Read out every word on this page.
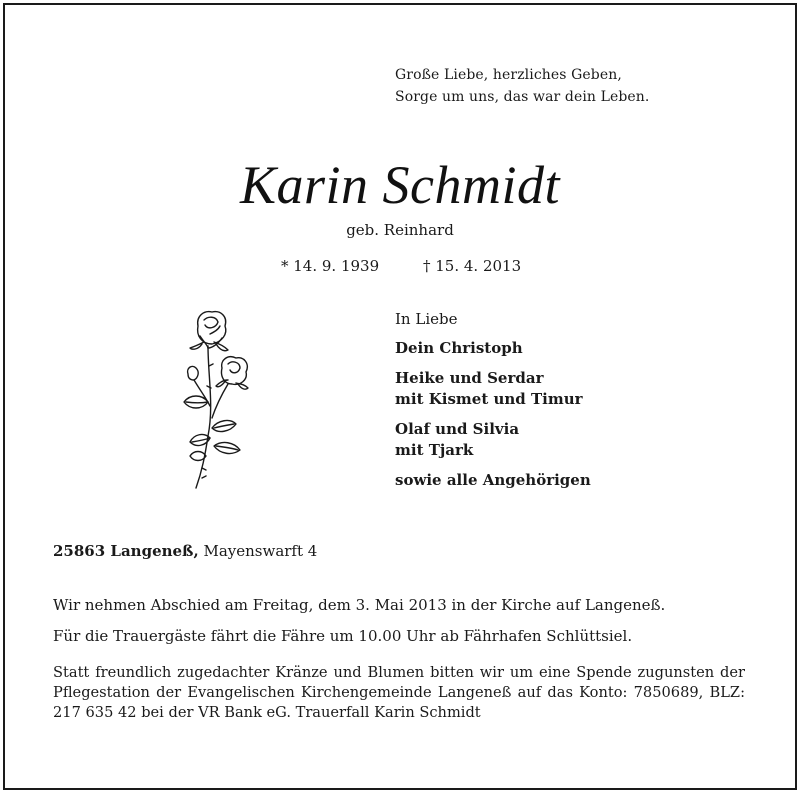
Große Liebe, herzliches Geben,
Sorge um uns, das war dein Leben.
Karin Schmidt
geb. Reinhard
* 14. 9. 1939	† 15. 4. 2013
In Liebe
Dein Christoph
Heike und Serdar
mit Kismet und Timur
Olaf und Silvia
mit Tjark
sowie alle Angehörigen
25863 Langeneß, Mayenswarft 4
Wir nehmen Abschied am Freitag, dem 3. Mai 2013 in der Kirche auf Langeneß.
Für die Trauergäste fährt die Fähre um 10.00 Uhr ab Fährhafen Schlüttsiel.
Statt freundlich zugedachter Kränze und Blumen bitten wir um eine Spende zugunsten der Pflegestation der Evangelischen Kirchengemeinde Langeneß auf das Konto: 7850689, BLZ: 217 635 42 bei der VR Bank eG. Trauerfall Karin Schmidt
